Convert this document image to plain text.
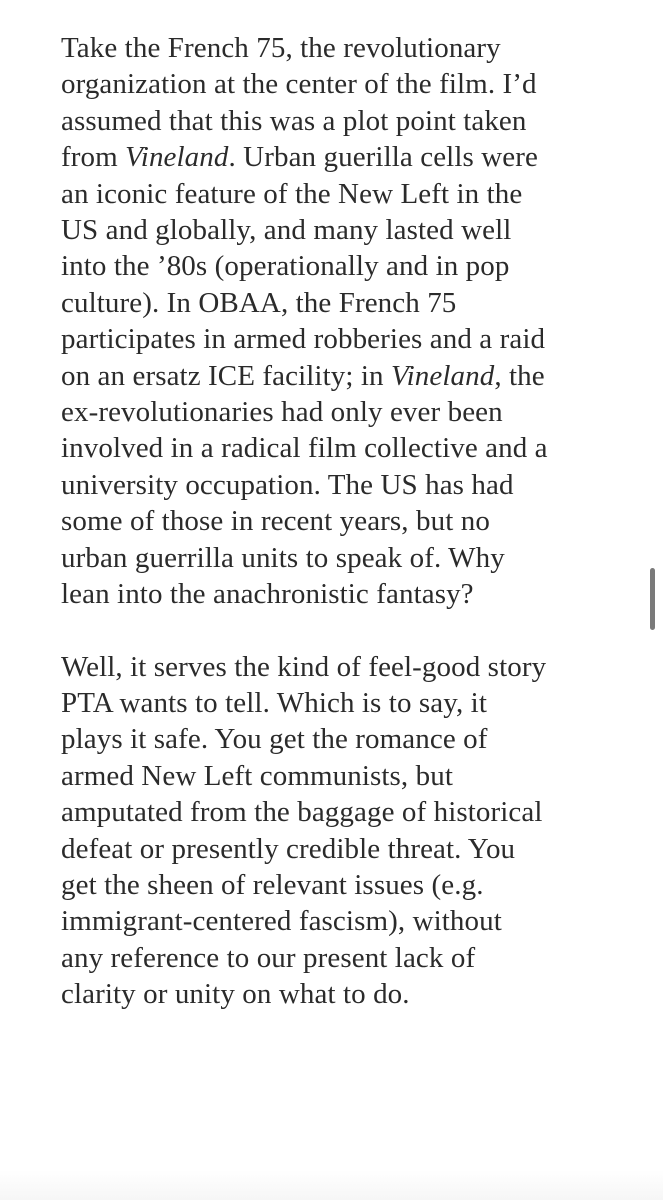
Take the French 75, the revolutionary
organization at the center of the film. I’d
assumed that this was a plot point taken
from Vineland. Urban guerilla cells were
an iconic feature of the New Left in the
US and globally, and many lasted well
into the ’80s (operationally and in pop
culture). In OBAA, the French 75
participates in armed robberies and a raid
on an ersatz ICE facility; in Vineland, the
ex-revolutionaries had only ever been
involved in a radical film collective and a
university occupation. The US has had
some of those in recent years, but no
urban guerrilla units to speak of. Why
lean into the anachronistic fantasy?
Well, it serves the kind of feel-good story
PTA wants to tell. Which is to say, it
plays it safe. You get the romance of
armed New Left communists, but
amputated from the baggage of historical
defeat or presently credible threat. You
get the sheen of relevant issues (e.g.
immigrant-centered fascism), without
any reference to our present lack of
clarity or unity on what to do.
